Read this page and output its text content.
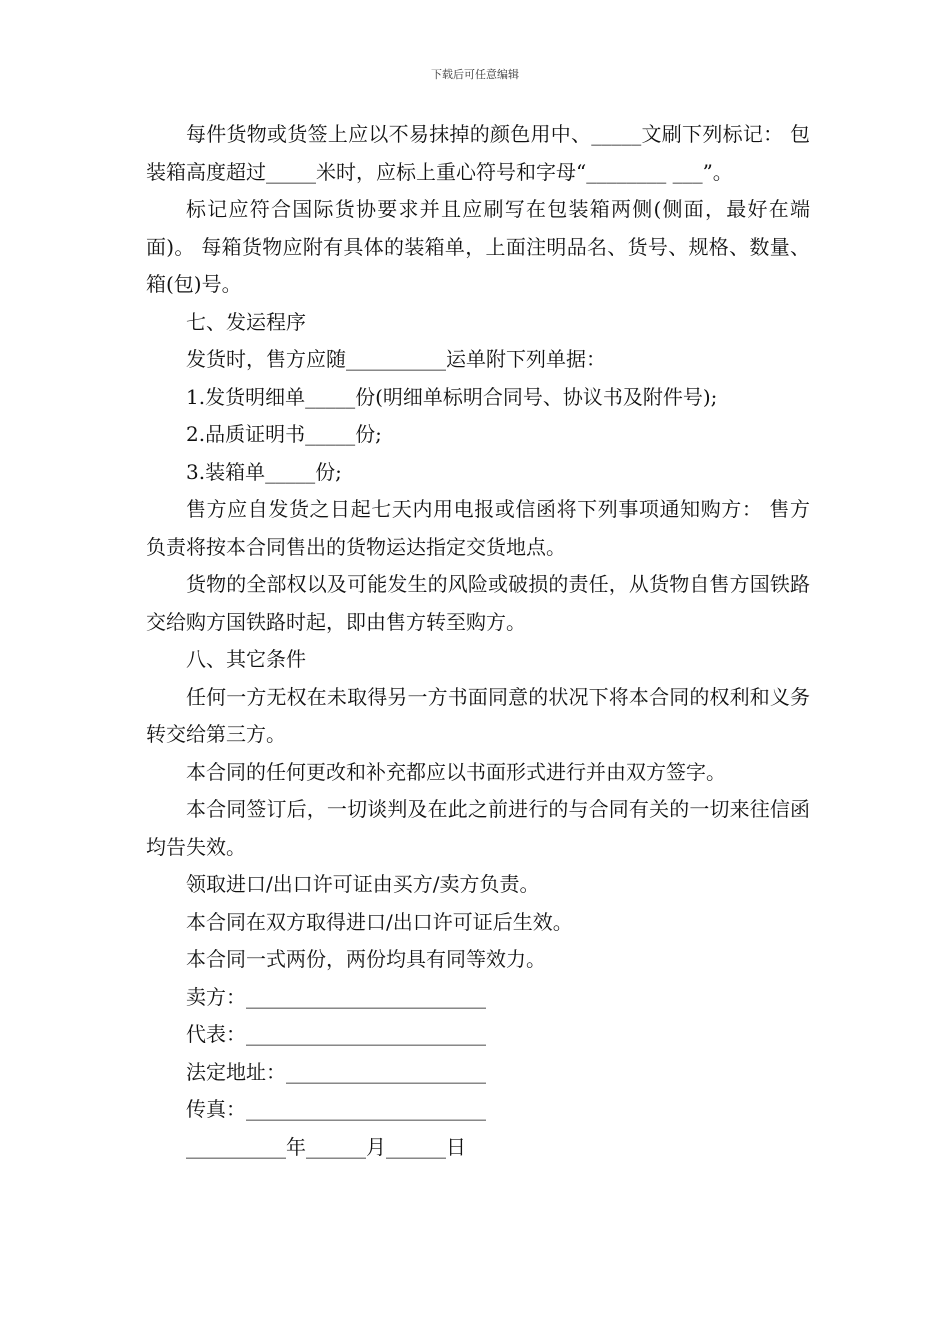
下载后可任意编辑

每件货物或货签上应以不易抹掉的颜色用中、_____文刷下列标记： 包装箱高度超过_____米时，应标上重心符号和字母“________ ___”。

标记应符合国际货协要求并且应刷写在包装箱两侧(侧面，最好在端面)。 每箱货物应附有具体的装箱单，上面注明品名、货号、规格、数量、箱(包)号。

七、发运程序

发货时，售方应随__________运单附下列单据：

1.发货明细单_____份(明细单标明合同号、协议书及附件号);

2.品质证明书_____份;

3.装箱单_____份;

售方应自发货之日起七天内用电报或信函将下列事项通知购方： 售方负责将按本合同售出的货物运达指定交货地点。

货物的全部权以及可能发生的风险或破损的责任，从货物自售方国铁路交给购方国铁路时起，即由售方转至购方。

八、其它条件

任何一方无权在未取得另一方书面同意的状况下将本合同的权利和义务转交给第三方。

本合同的任何更改和补充都应以书面形式进行并由双方签字。

本合同签订后，一切谈判及在此之前进行的与合同有关的一切来往信函均告失效。

领取进口/出口许可证由买方/卖方负责。

本合同在双方取得进口/出口许可证后生效。

本合同一式两份，两份均具有同等效力。

卖方：________________________

代表：________________________

法定地址：____________________

传真：________________________

__________年______月______日
